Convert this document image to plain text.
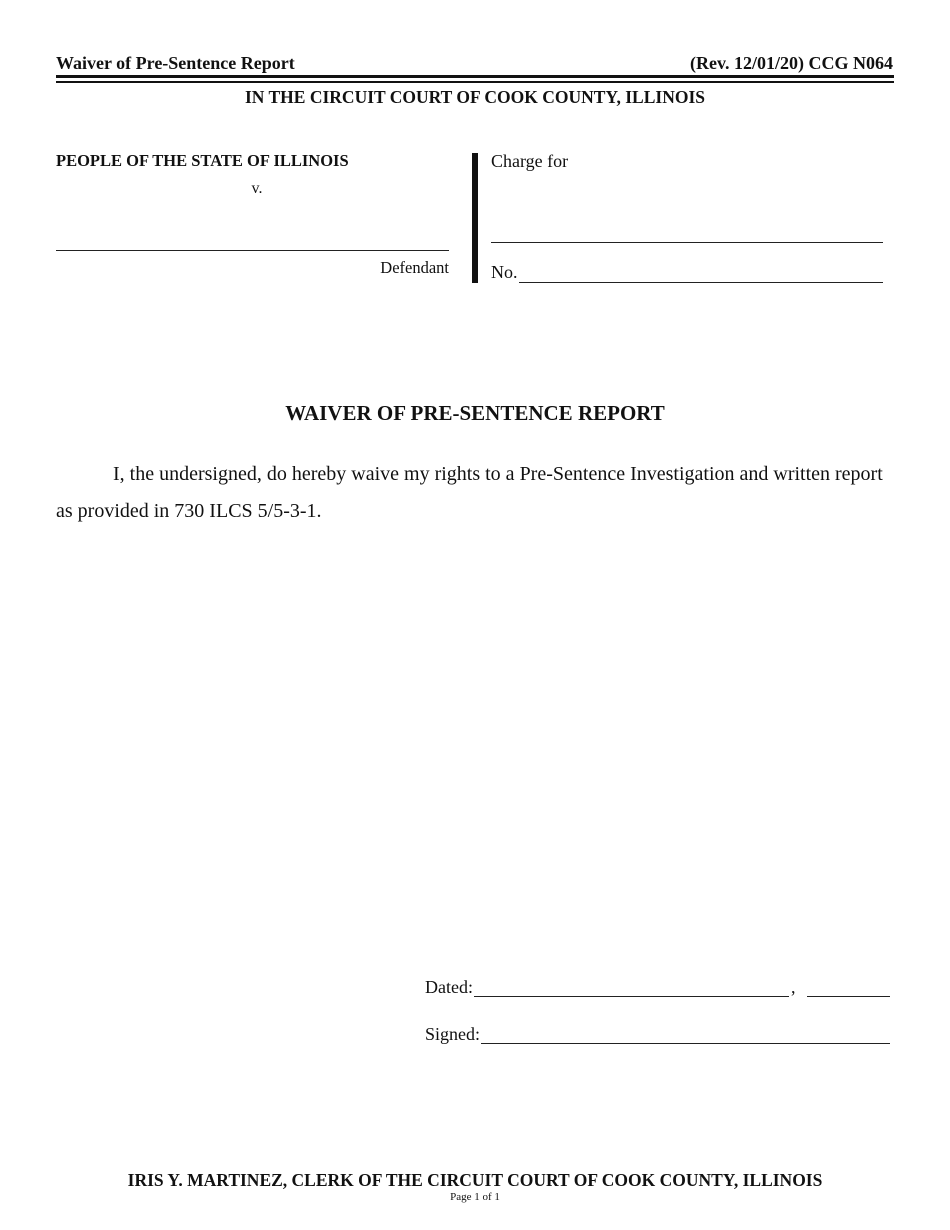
Waiver of Pre-Sentence Report	(Rev. 12/01/20) CCG N064
IN THE CIRCUIT COURT OF COOK COUNTY, ILLINOIS
PEOPLE OF THE STATE OF ILLINOIS
v.
Defendant
Charge for
No.
WAIVER OF PRE-SENTENCE REPORT
I, the undersigned, do hereby waive my rights to a Pre-Sentence Investigation and written report as provided in 730 ILCS 5/5-3-1.
Dated:	,
Signed:
IRIS Y. MARTINEZ, CLERK OF THE CIRCUIT COURT OF COOK COUNTY, ILLINOIS
Page 1 of 1
